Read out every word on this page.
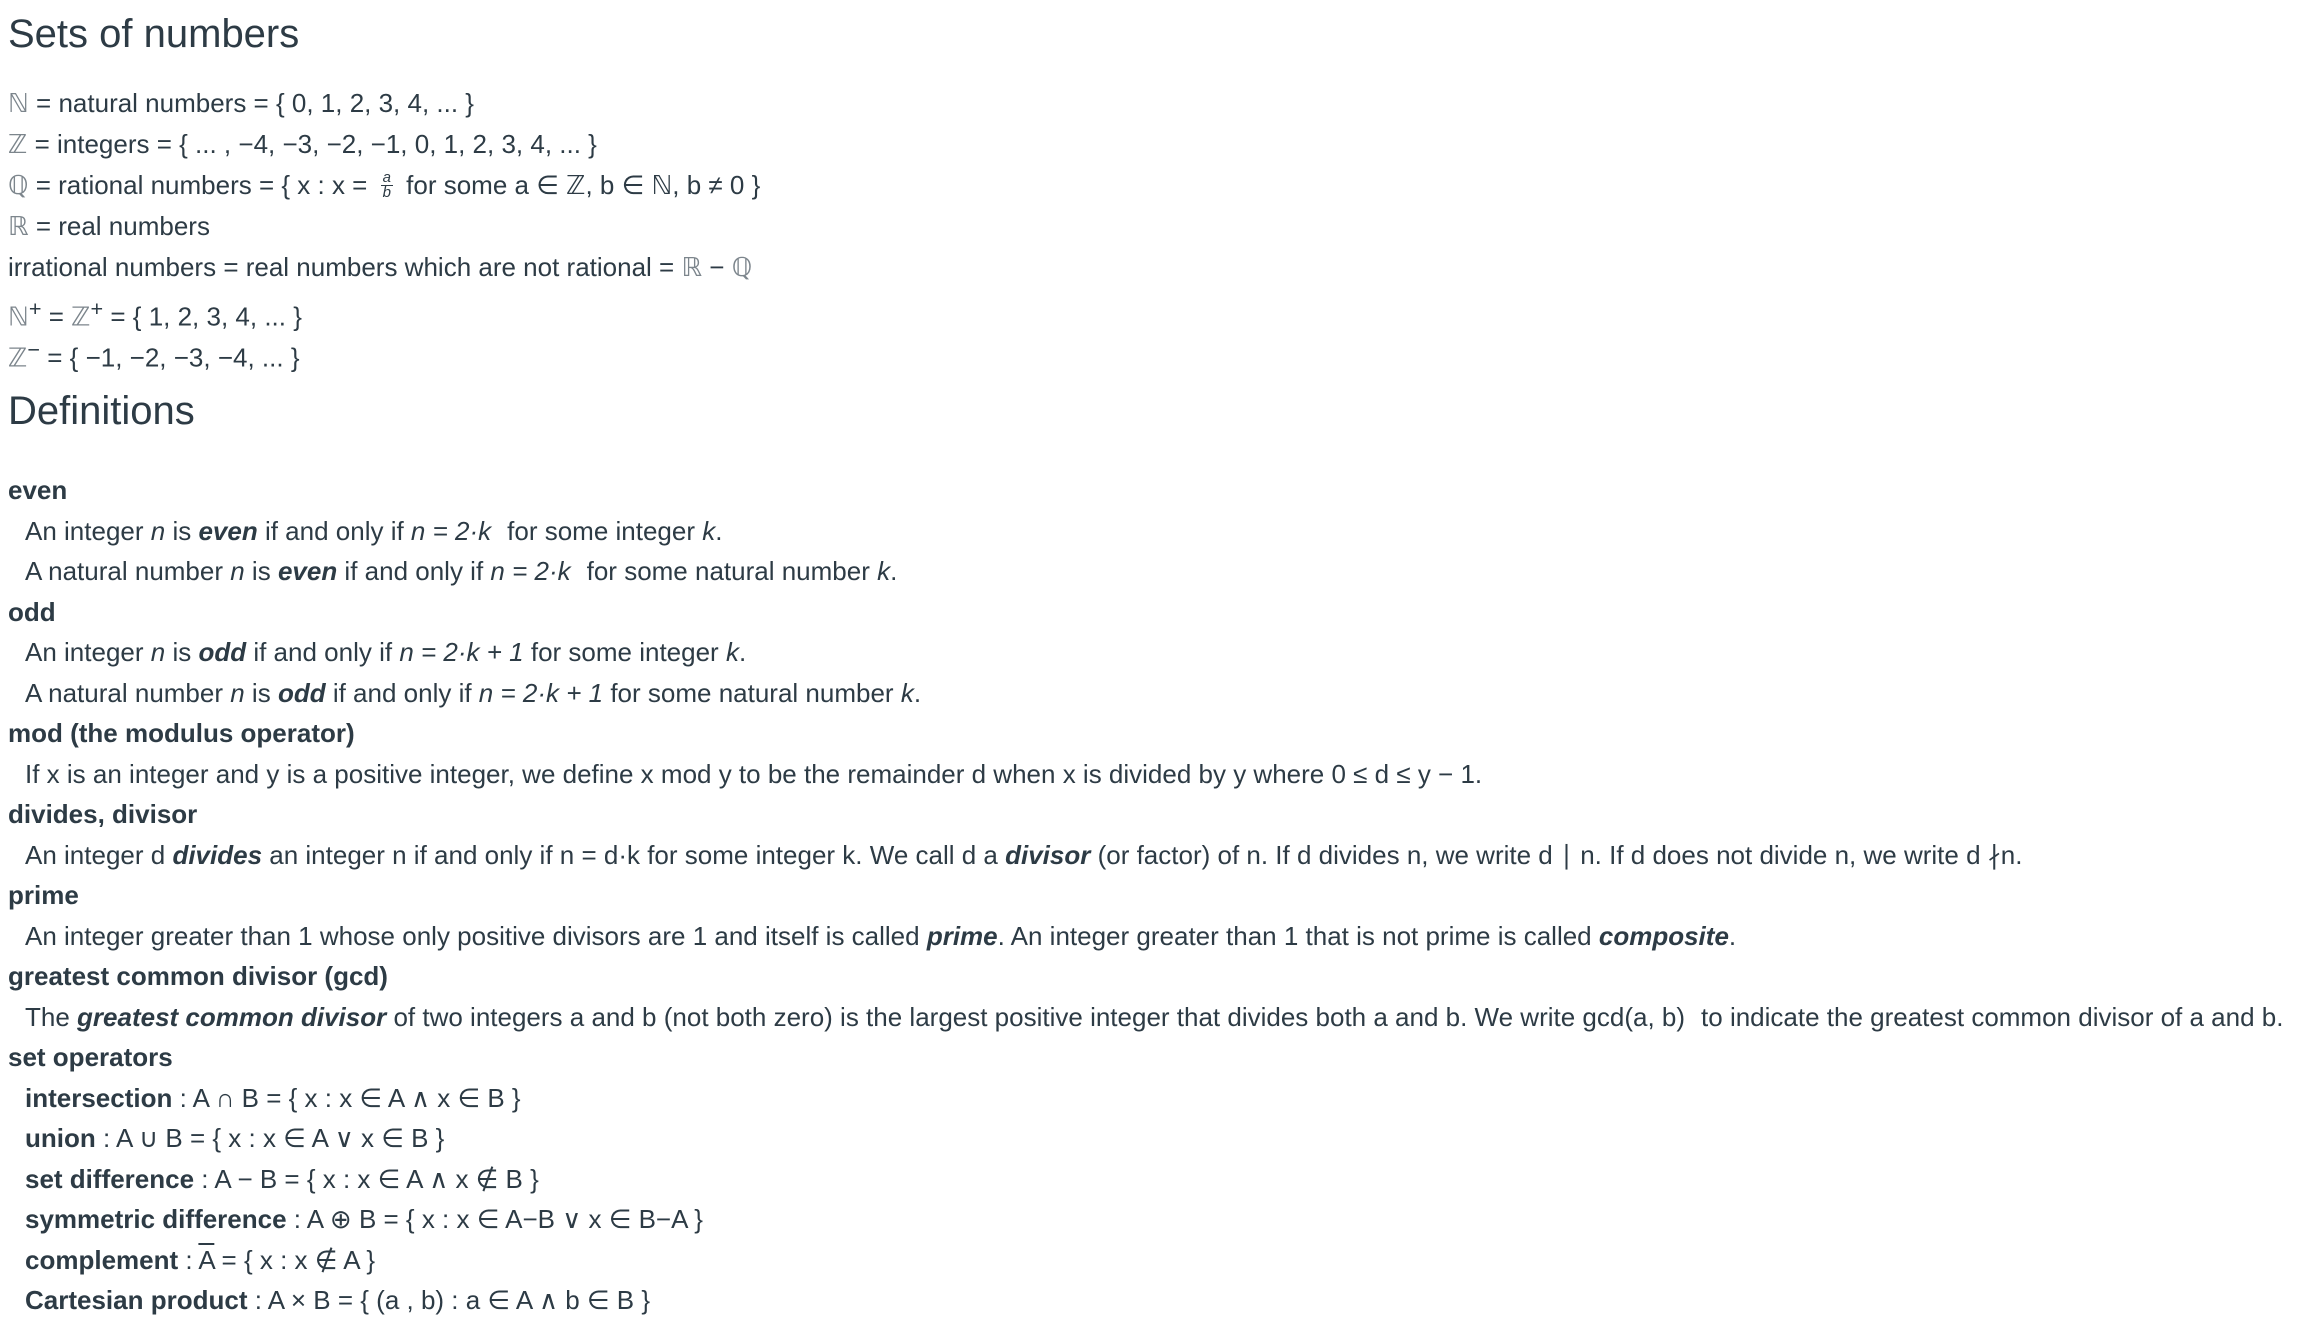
Sets of numbers
ℕ = natural numbers = { 0, 1, 2, 3, 4, ... }
ℤ = integers = { ... , −4, −3, −2, −1, 0, 1, 2, 3, 4, ... }
ℚ = rational numbers = { x : $x = \frac{a}{b}$ for some a ∈ ℤ, b ∈ ℕ, b ≠ 0 }
ℝ = real numbers
irrational numbers = real numbers which are not rational = ℝ − ℚ
ℕ+ = ℤ+ = { 1, 2, 3, 4, ... }
ℤ− = { −1, −2, −3, −4, ... }
Definitions
even
An integer n is even if and only if n = 2·k for some integer k.
A natural number n is even if and only if n = 2·k for some natural number k.
odd
An integer n is odd if and only if n = 2·k + 1 for some integer k.
A natural number n is odd if and only if n = 2·k + 1 for some natural number k.
mod (the modulus operator)
If x is an integer and y is a positive integer, we define x mod y to be the remainder d when x is divided by y where 0 ≤ d ≤ y − 1.
divides, divisor
An integer d divides an integer n if and only if n = d·k for some integer k. We call d a divisor (or factor) of n. If d divides n, we write d ∣ n. If d does not divide n, we write d ∤n.
prime
An integer greater than 1 whose only positive divisors are 1 and itself is called prime. An integer greater than 1 that is not prime is called composite.
greatest common divisor (gcd)
The greatest common divisor of two integers a and b (not both zero) is the largest positive integer that divides both a and b. We write gcd(a, b) to indicate the greatest common divisor of a and b.
set operators
intersection : A ∩ B = { x : x ∈ A ∧ x ∈ B }
union : A ∪ B = { x : x ∈ A ∨ x ∈ B }
set difference : A − B = { x : x ∈ A ∧ x ∉ B }
symmetric difference : A ⊕ B = { x : x ∈ A−B ∨ x ∈ B−A }
complement : $\overline{A}$ = { x : x ∉ A }
Cartesian product : A × B = { (a , b) : a ∈ A ∧ b ∈ B }
